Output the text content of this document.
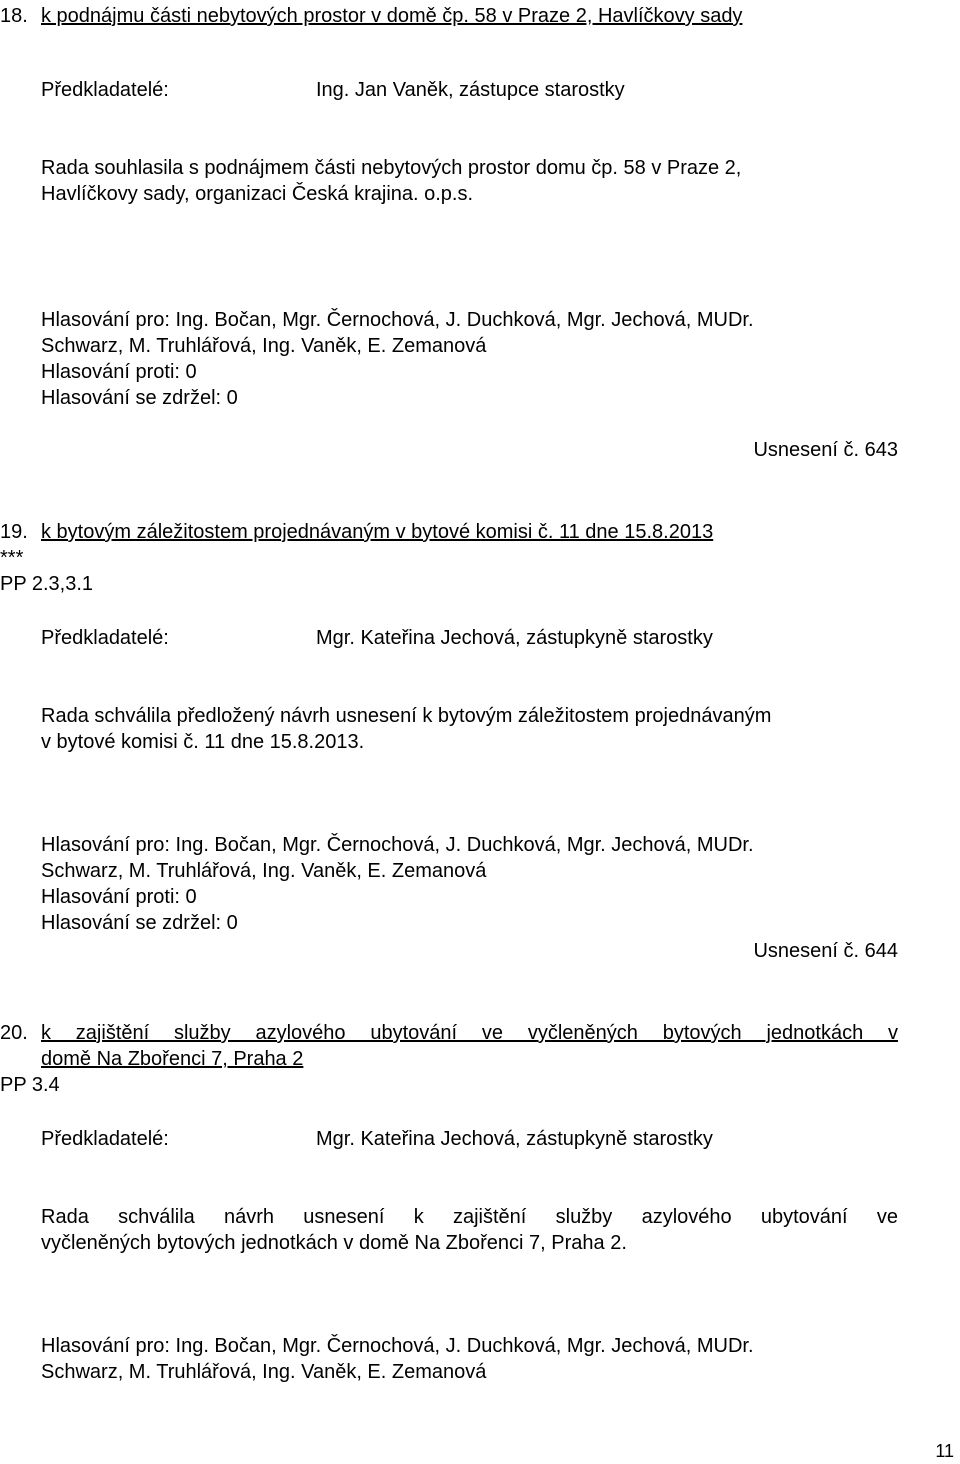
18. k podnájmu části nebytových prostor v domě čp. 58 v Praze 2, Havlíčkovy sady
Předkladatelé:	Ing. Jan Vaněk, zástupce starostky
Rada souhlasila s podnájmem části nebytových prostor domu čp. 58 v Praze 2,
Havlíčkovy sady, organizaci Česká krajina. o.p.s.
Hlasování pro: Ing. Bočan, Mgr. Černochová, J. Duchková, Mgr. Jechová, MUDr.
Schwarz, M. Truhlářová, Ing. Vaněk, E. Zemanová
Hlasování proti: 0
Hlasování se zdržel: 0
Usnesení č. 643
19. k bytovým záležitostem projednávaným v bytové komisi č. 11 dne 15.8.2013
***
PP 2.3,3.1
Předkladatelé:	Mgr. Kateřina Jechová, zástupkyně starostky
Rada schválila předložený návrh usnesení k bytovým záležitostem projednávaným
v bytové komisi č. 11 dne 15.8.2013.
Hlasování pro: Ing. Bočan, Mgr. Černochová, J. Duchková, Mgr. Jechová, MUDr.
Schwarz, M. Truhlářová, Ing. Vaněk, E. Zemanová
Hlasování proti: 0
Hlasování se zdržel: 0
Usnesení č. 644
20. k zajištění služby azylového ubytování ve vyčleněných bytových jednotkách v
domě Na Zbořenci 7, Praha 2
PP 3.4
Předkladatelé:	Mgr. Kateřina Jechová, zástupkyně starostky
Rada schválila návrh usnesení k zajištění služby azylového ubytování ve
vyčleněných bytových jednotkách v domě Na Zbořenci 7, Praha 2.
Hlasování pro: Ing. Bočan, Mgr. Černochová, J. Duchková, Mgr. Jechová, MUDr.
Schwarz, M. Truhlářová, Ing. Vaněk, E. Zemanová
11
